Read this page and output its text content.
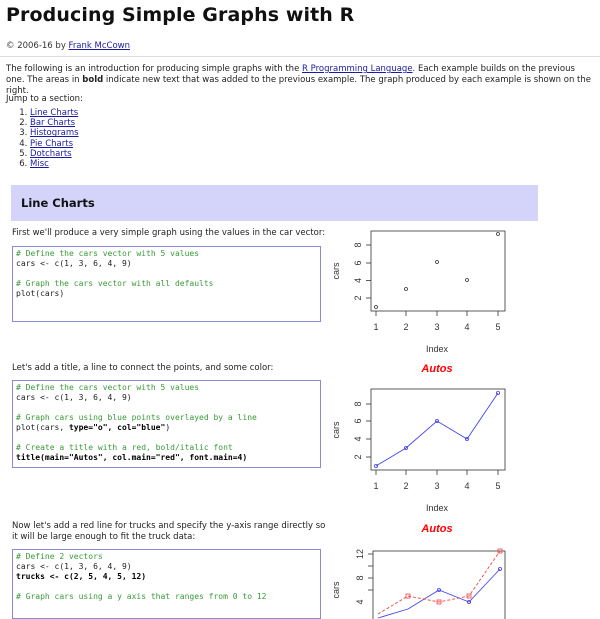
Producing Simple Graphs with R
© 2006-16 by Frank McCown
The following is an introduction for producing simple graphs with the R Programming Language. Each example builds on the previous one. The areas in bold indicate new text that was added to the previous example. The graph produced by each example is shown on the right.
Jump to a section:
1. Line Charts
2. Bar Charts
3. Histograms
4. Pie Charts
5. Dotcharts
6. Misc
Line Charts
First we'll produce a very simple graph using the values in the car vector:
# Define the cars vector with 5 values
cars <- c(1, 3, 6, 4, 9)
# Graph the cars vector with all defaults
plot(cars)
Let's add a title, a line to connect the points, and some color:
# Define the cars vector with 5 values
cars <- c(1, 3, 6, 4, 9)
# Graph cars using blue points overlayed by a line
plot(cars, type="o", col="blue")
# Create a title with a red, bold/italic font
title(main="Autos", col.main="red", font.main=4)
Now let's add a red line for trucks and specify the y-axis range directly so it will be large enough to fit the truck data:
# Define 2 vectors
cars <- c(1, 3, 6, 4, 9)
trucks <- c(2, 5, 4, 5, 12)
# Graph cars using a y axis that ranges from 0 to 12
2
4
6
8
1	2	3	4	5
Index
cars
Autos
2
4
6
8
1	2	3	4	5
Index
cars
Autos
12
8
4
cars
